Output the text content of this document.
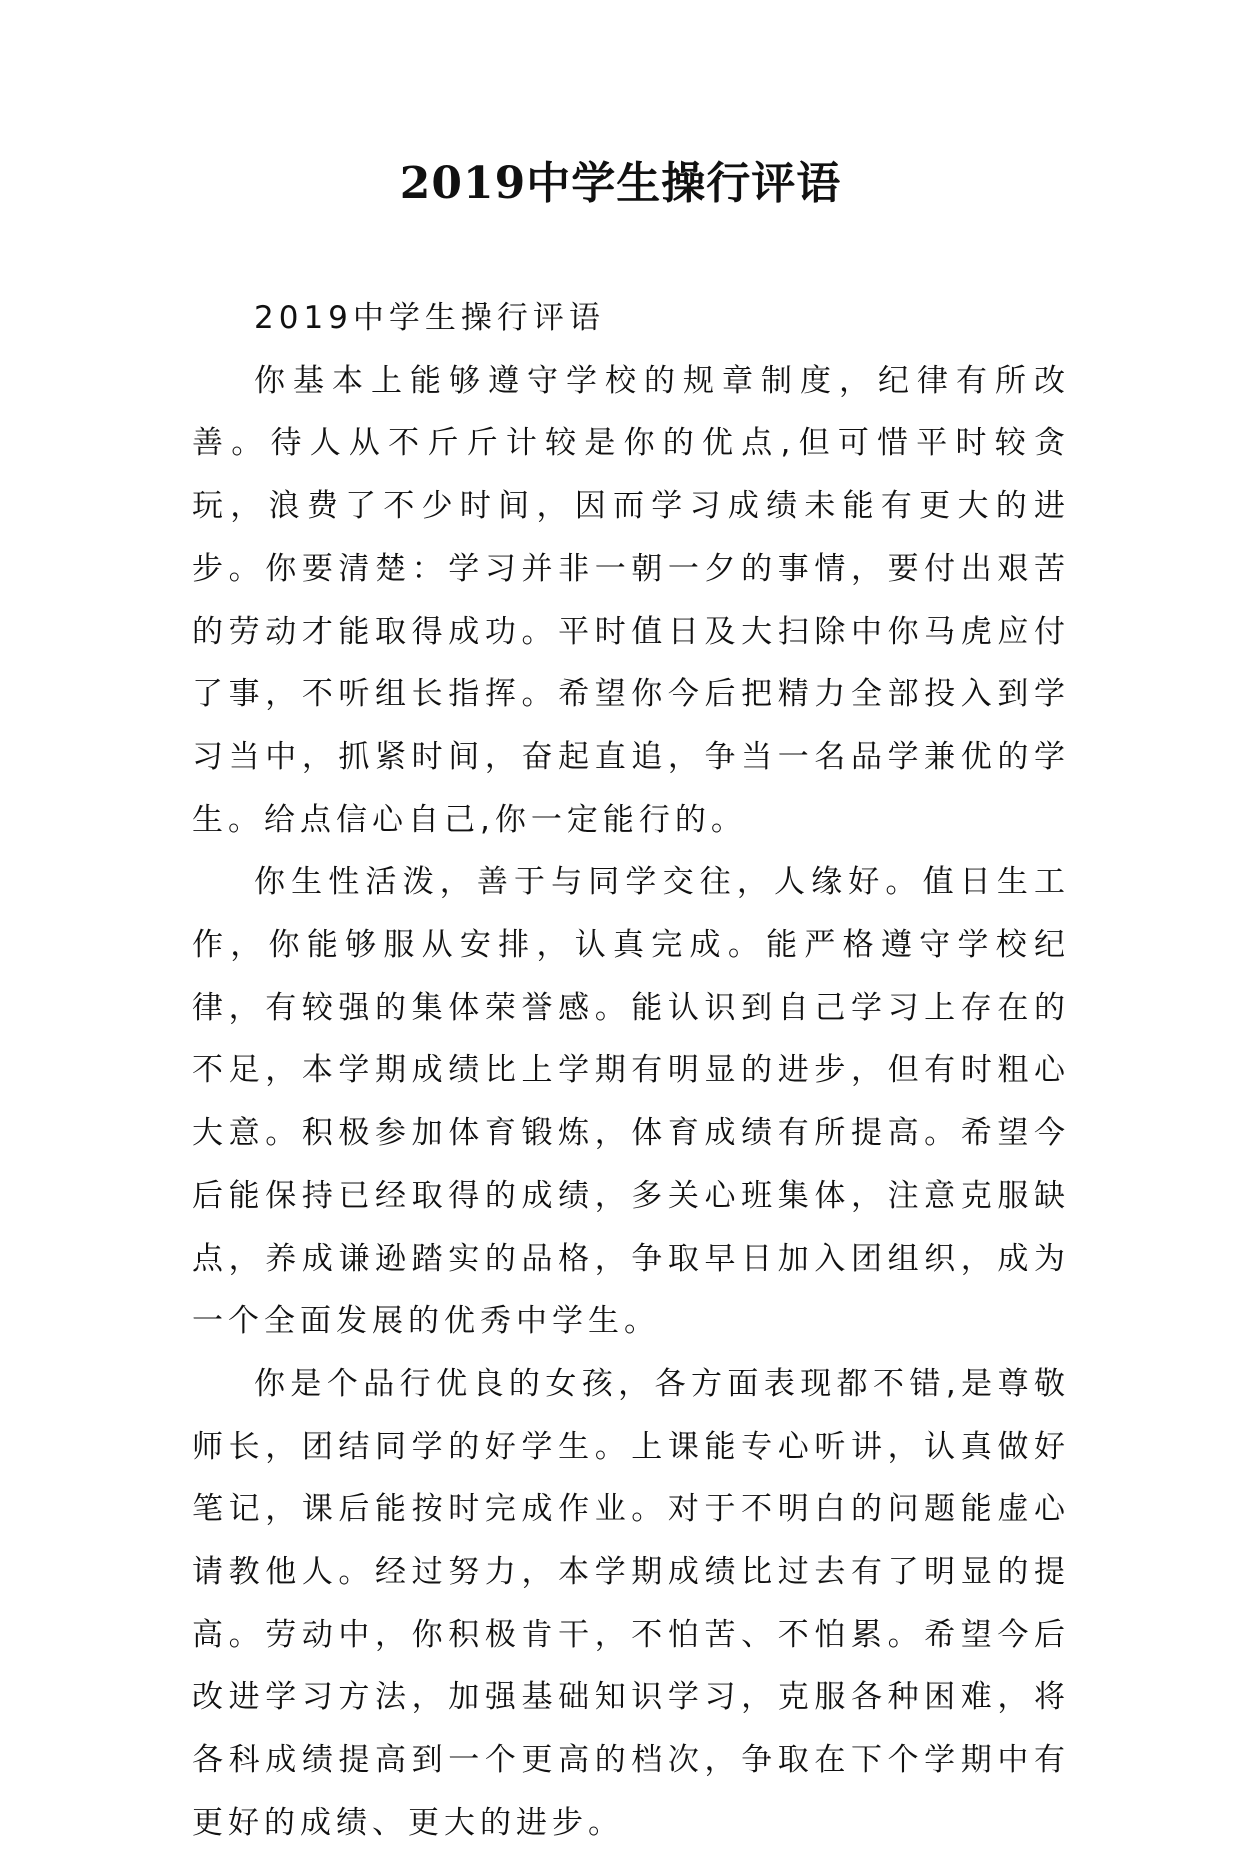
2019中学生操行评语

2019中学生操行评语

你基本上能够遵守学校的规章制度，纪律有所改善。待人从不斤斤计较是你的优点,但可惜平时较贪玩，浪费了不少时间，因而学习成绩未能有更大的进步。你要清楚：学习并非一朝一夕的事情，要付出艰苦的劳动才能取得成功。平时值日及大扫除中你马虎应付了事，不听组长指挥。希望你今后把精力全部投入到学习当中，抓紧时间，奋起直追，争当一名品学兼优的学生。给点信心自己,你一定能行的。

你生性活泼，善于与同学交往，人缘好。值日生工作，你能够服从安排，认真完成。能严格遵守学校纪律，有较强的集体荣誉感。能认识到自己学习上存在的不足，本学期成绩比上学期有明显的进步，但有时粗心大意。积极参加体育锻炼，体育成绩有所提高。希望今后能保持已经取得的成绩，多关心班集体，注意克服缺点，养成谦逊踏实的品格，争取早日加入团组织，成为一个全面发展的优秀中学生。

你是个品行优良的女孩，各方面表现都不错,是尊敬师长，团结同学的好学生。上课能专心听讲，认真做好笔记，课后能按时完成作业。对于不明白的问题能虚心请教他人。经过努力，本学期成绩比过去有了明显的提高。劳动中，你积极肯干，不怕苦、不怕累。希望今后改进学习方法，加强基础知识学习，克服各种困难，将各科成绩提高到一个更高的档次，争取在下个学期中有更好的成绩、更大的进步。
